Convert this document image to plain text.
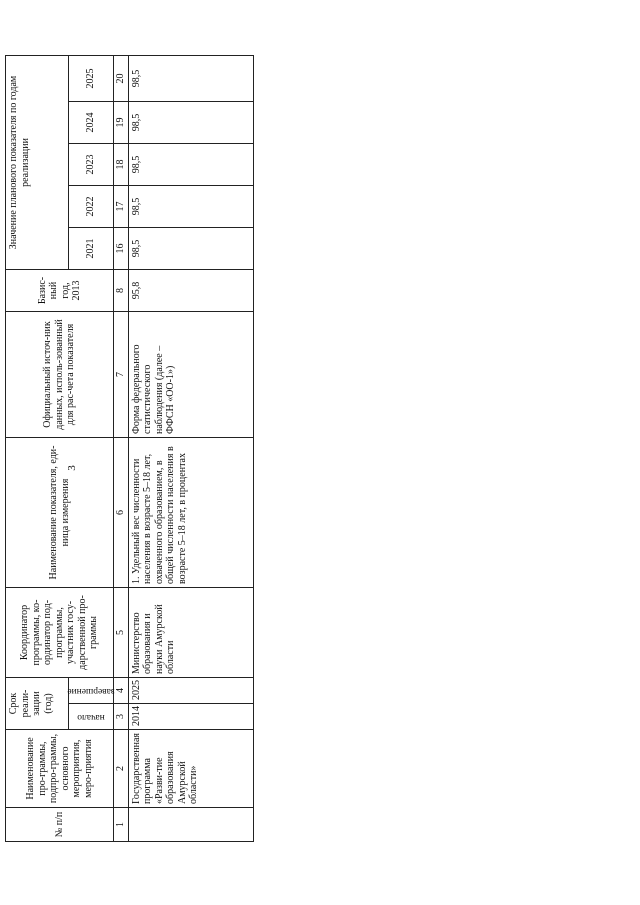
3
№ п/п	Наименование про-граммы, подпро-граммы, основного мероприятия, меро-приятия	Срок реали-зации (год)		Координатор программы, ко-ординатор под-программы, участник госу-дарственной про-граммы	Наименование показателя, еди-ница измерения	Официальный источ-ник данных, исполь-зованный для рас-чета показателя	Базис-ный год, 2013	Значение планового показателя по годам реализации				

		начало	завершение					2021	2022	2023	2024	2025
1	2	3	4	5	6	7	8	16	17	18	19	20
	Государственная программа «Разви-тие образования Амурской области»	2014	2025	Министерство образования и науки Амурской области	1. Удельный вес численности населения в возрасте 5–18 лет, охваченного образованием, в общей численности населения в возрасте 5–18 лет, в процентах	Форма федерального статистического наблюдения (далее – ФФСН «ОО-1»)	95,8	98,5	98,5	98,5	98,5	98,5
